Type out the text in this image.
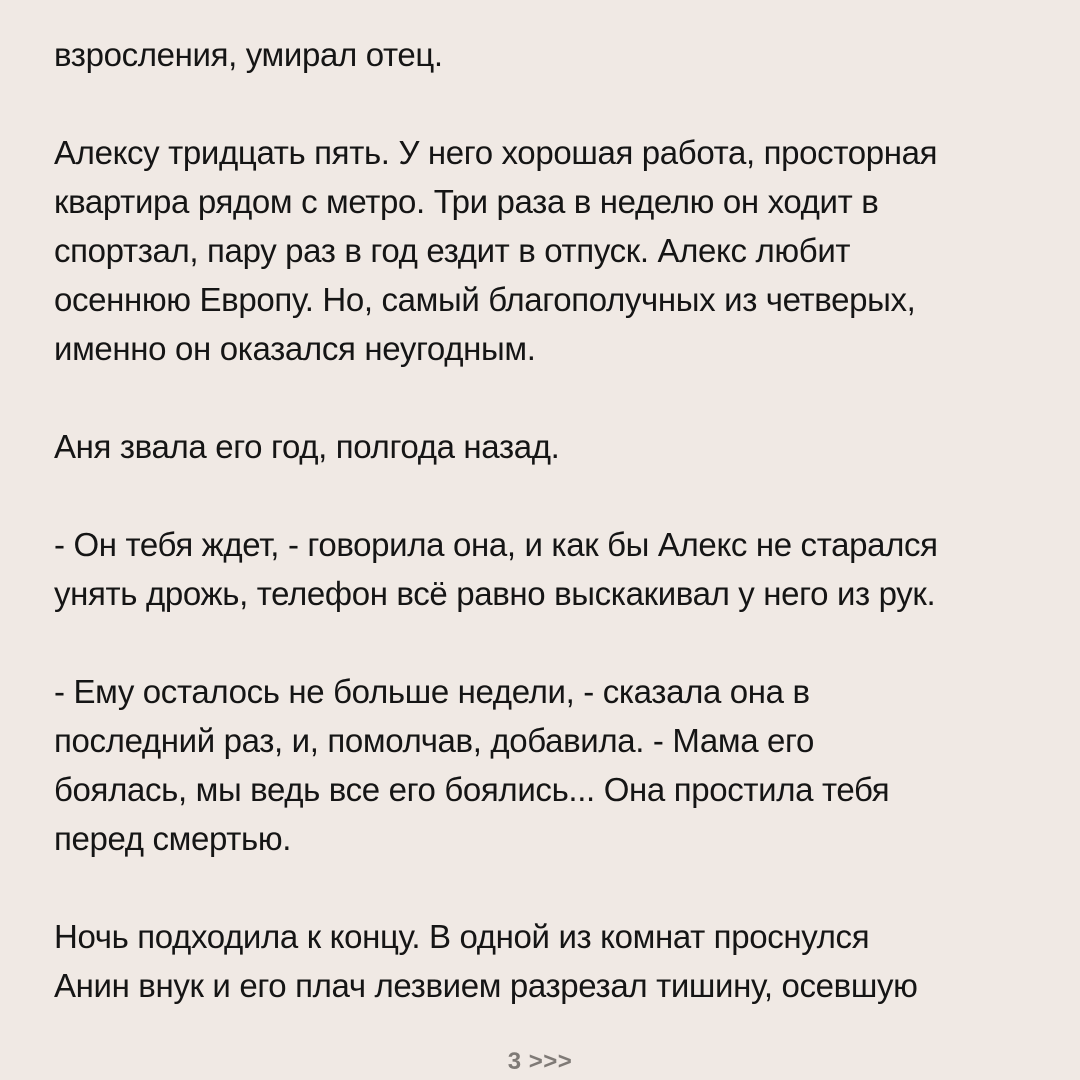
взросления, умирал отец.

Алексу тридцать пять. У него хорошая работа, просторная
квартира рядом с метро. Три раза в неделю он ходит в
спортзал, пару раз в год ездит в отпуск. Алекс любит
осеннюю Европу. Но, самый благополучных из четверых,
именно он оказался неугодным.

Аня звала его год, полгода назад.

- Он тебя ждет, - говорила она, и как бы Алекс не старался
унять дрожь, телефон всё равно выскакивал у него из рук.

- Ему осталось не больше недели, - сказала она в
последний раз, и, помолчав, добавила. - Мама его
боялась, мы ведь все его боялись... Она простила тебя
перед смертью.

Ночь подходила к концу. В одной из комнат проснулся
Анин внук и его плач лезвием разрезал тишину, осевшую

3 >>>
